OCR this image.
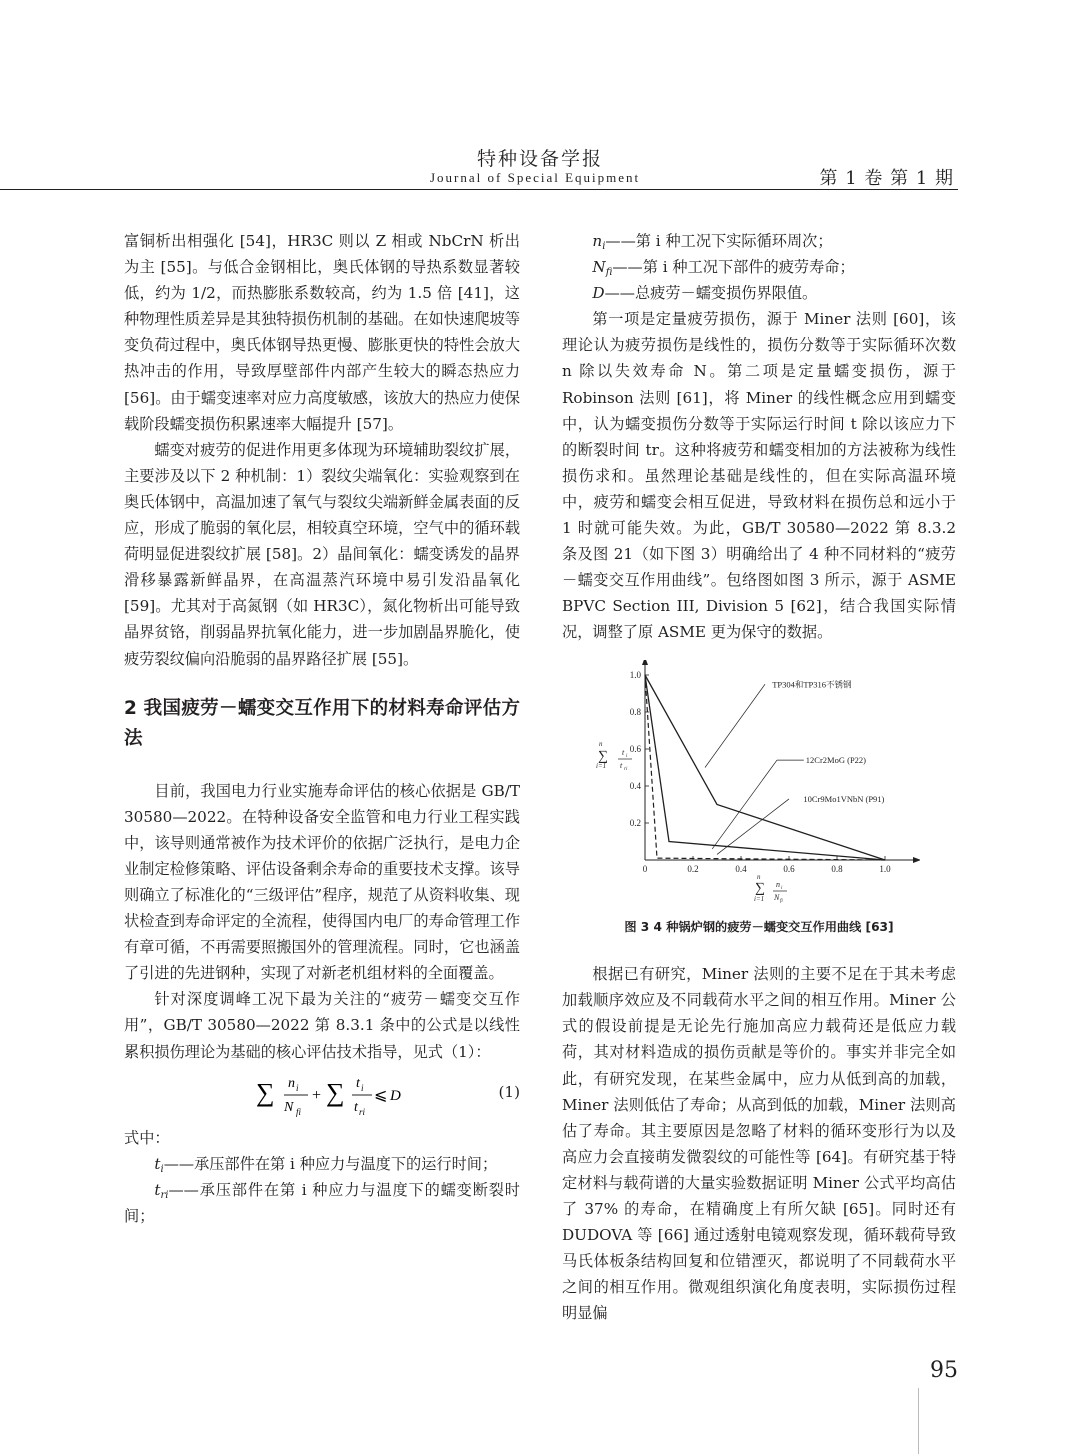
特种设备学报
Journal of Special Equipment	第 1 卷 第 1 期

富铜析出相强化 [54]，HR3C 则以 Z 相或 NbCrN 析出为主 [55]。与低合金钢相比，奥氏体钢的导热系数显著较低，约为 1/2，而热膨胀系数较高，约为 1.5 倍 [41]，这种物理性质差异是其独特损伤机制的基础。在如快速爬坡等变负荷过程中，奥氏体钢导热更慢、膨胀更快的特性会放大热冲击的作用，导致厚壁部件内部产生较大的瞬态热应力 [56]。由于蠕变速率对应力高度敏感，该放大的热应力使保载阶段蠕变损伤积累速率大幅提升 [57]。

蠕变对疲劳的促进作用更多体现为环境辅助裂纹扩展，主要涉及以下 2 种机制：1）裂纹尖端氧化：实验观察到在奥氏体钢中，高温加速了氧气与裂纹尖端新鲜金属表面的反应，形成了脆弱的氧化层，相较真空环境，空气中的循环载荷明显促进裂纹扩展 [58]。2）晶间氧化：蠕变诱发的晶界滑移暴露新鲜晶界，在高温蒸汽环境中易引发沿晶氧化 [59]。尤其对于高氮钢（如 HR3C），氮化物析出可能导致晶界贫铬，削弱晶界抗氧化能力，进一步加剧晶界脆化，使疲劳裂纹偏向沿脆弱的晶界路径扩展 [55]。

2 我国疲劳－蠕变交互作用下的材料寿命评估方法

目前，我国电力行业实施寿命评估的核心依据是 GB/T 30580—2022。在特种设备安全监管和电力行业工程实践中，该导则通常被作为技术评价的依据广泛执行，是电力企业制定检修策略、评估设备剩余寿命的重要技术支撑。该导则确立了标准化的“三级评估”程序，规范了从资料收集、现状检查到寿命评定的全流程，使得国内电厂的寿命管理工作有章可循，不再需要照搬国外的管理流程。同时，它也涵盖了引进的先进钢种，实现了对新老机组材料的全面覆盖。

针对深度调峰工况下最为关注的“疲劳－蠕变交互作用”，GB/T 30580—2022 第 8.3.1 条中的公式是以线性累积损伤理论为基础的核心评估技术指导，见式（1）：

∑ n i
N fi
+ ∑ t i
t ri
⩽ D	(1)

式中：

$t_i——$承压部件在第 i 种应力与温度下的运行时间；

$t_{ri}——$承压部件在第 i 种应力与温度下的蠕变断裂时间；

$n_i——$第 i 种工况下实际循环周次；

$N_{fi}——$第 i 种工况下部件的疲劳寿命；

D——总疲劳－蠕变损伤界限值。

第一项是定量疲劳损伤，源于 Miner 法则 [60]，该理论认为疲劳损伤是线性的，损伤分数等于实际循环次数 n 除以失效寿命 N。第二项是定量蠕变损伤，源于 Robinson 法则 [61]，将 Miner 的线性概念应用到蠕变中，认为蠕变损伤分数等于实际运行时间 t 除以该应力下的断裂时间 tr。这种将疲劳和蠕变相加的方法被称为线性损伤求和。虽然理论基础是线性的，但在实际高温环境中，疲劳和蠕变会相互促进，导致材料在损伤总和远小于 1 时就可能失效。为此，GB/T 30580—2022 第 8.3.2 条及图 21（如下图 3）明确给出了 4 种不同材料的“疲劳－蠕变交互作用曲线”。包络图如图 3 所示，源于 ASME BPVC Section III, Division 5 [62]，结合我国实际情况，调整了原 ASME 更为保守的数据。

0	0.2	0.4	0.6	0.8	1.0
0.2
0.4
0.6
0.8
1.0
∑
n
i=1
t i
t ri
∑
n
i=1
n i
N fi
TP304和TP316不锈钢
12Cr2MoG (P22)
10Cr9Mo1VNbN (P91)
图 3 4 种锅炉钢的疲劳－蠕变交互作用曲线 [63]

根据已有研究，Miner 法则的主要不足在于其未考虑加载顺序效应及不同载荷水平之间的相互作用。Miner 公式的假设前提是无论先行施加高应力载荷还是低应力载荷，其对材料造成的损伤贡献是等价的。事实并非完全如此，有研究发现，在某些金属中，应力从低到高的加载，Miner 法则低估了寿命；从高到低的加载，Miner 法则高估了寿命。其主要原因是忽略了材料的循环变形行为以及高应力会直接萌发微裂纹的可能性等 [64]。有研究基于特定材料与载荷谱的大量实验数据证明 Miner 公式平均高估了 37% 的寿命，在精确度上有所欠缺 [65]。同时还有 DUDOVA 等 [66] 通过透射电镜观察发现，循环载荷导致马氏体板条结构回复和位错湮灭，都说明了不同载荷水平之间的相互作用。微观组织演化角度表明，实际损伤过程明显偏

95
